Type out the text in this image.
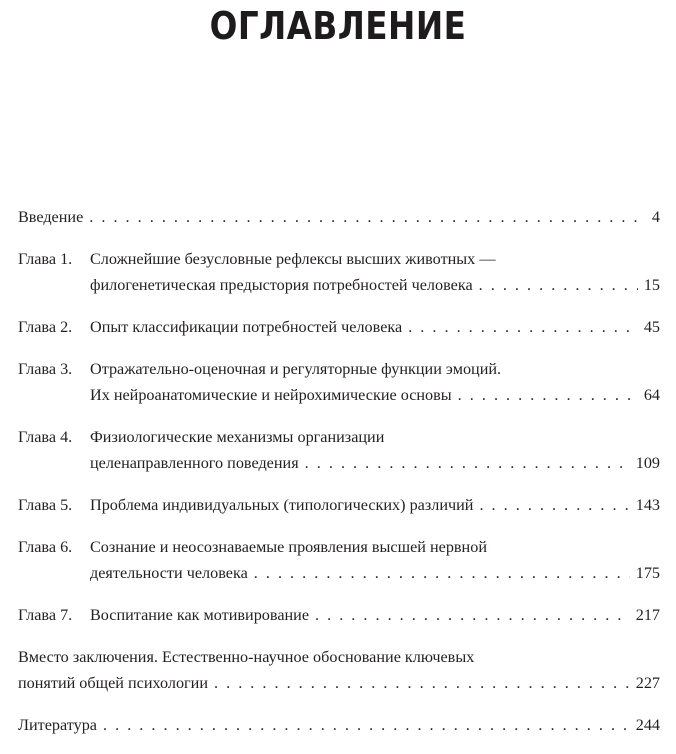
ОГЛАВЛЕНИЕ
Введение . . .	4
Глава 1.	Сложнейшие безусловные рефлексы высших животных —
филогенетическая предыстория потребностей человека . . .	15
Глава 2.	Опыт классификации потребностей человека . . .	45
Глава 3.	Отражательно-оценочная и регуляторные функции эмоций.
Их нейроанатомические и нейрохимические основы . . .	64
Глава 4.	Физиологические механизмы организации
целенаправленного поведения . . .	109
Глава 5.	Проблема индивидуальных (типологических) различий . . .	143
Глава 6.	Сознание и неосознаваемые проявления высшей нервной
деятельности человека . . .	175
Глава 7.	Воспитание как мотивирование . . .	217
Вместо заключения. Естественно-научное обоснование ключевых
понятий общей психологии . . .	227
Литература . . .	244
